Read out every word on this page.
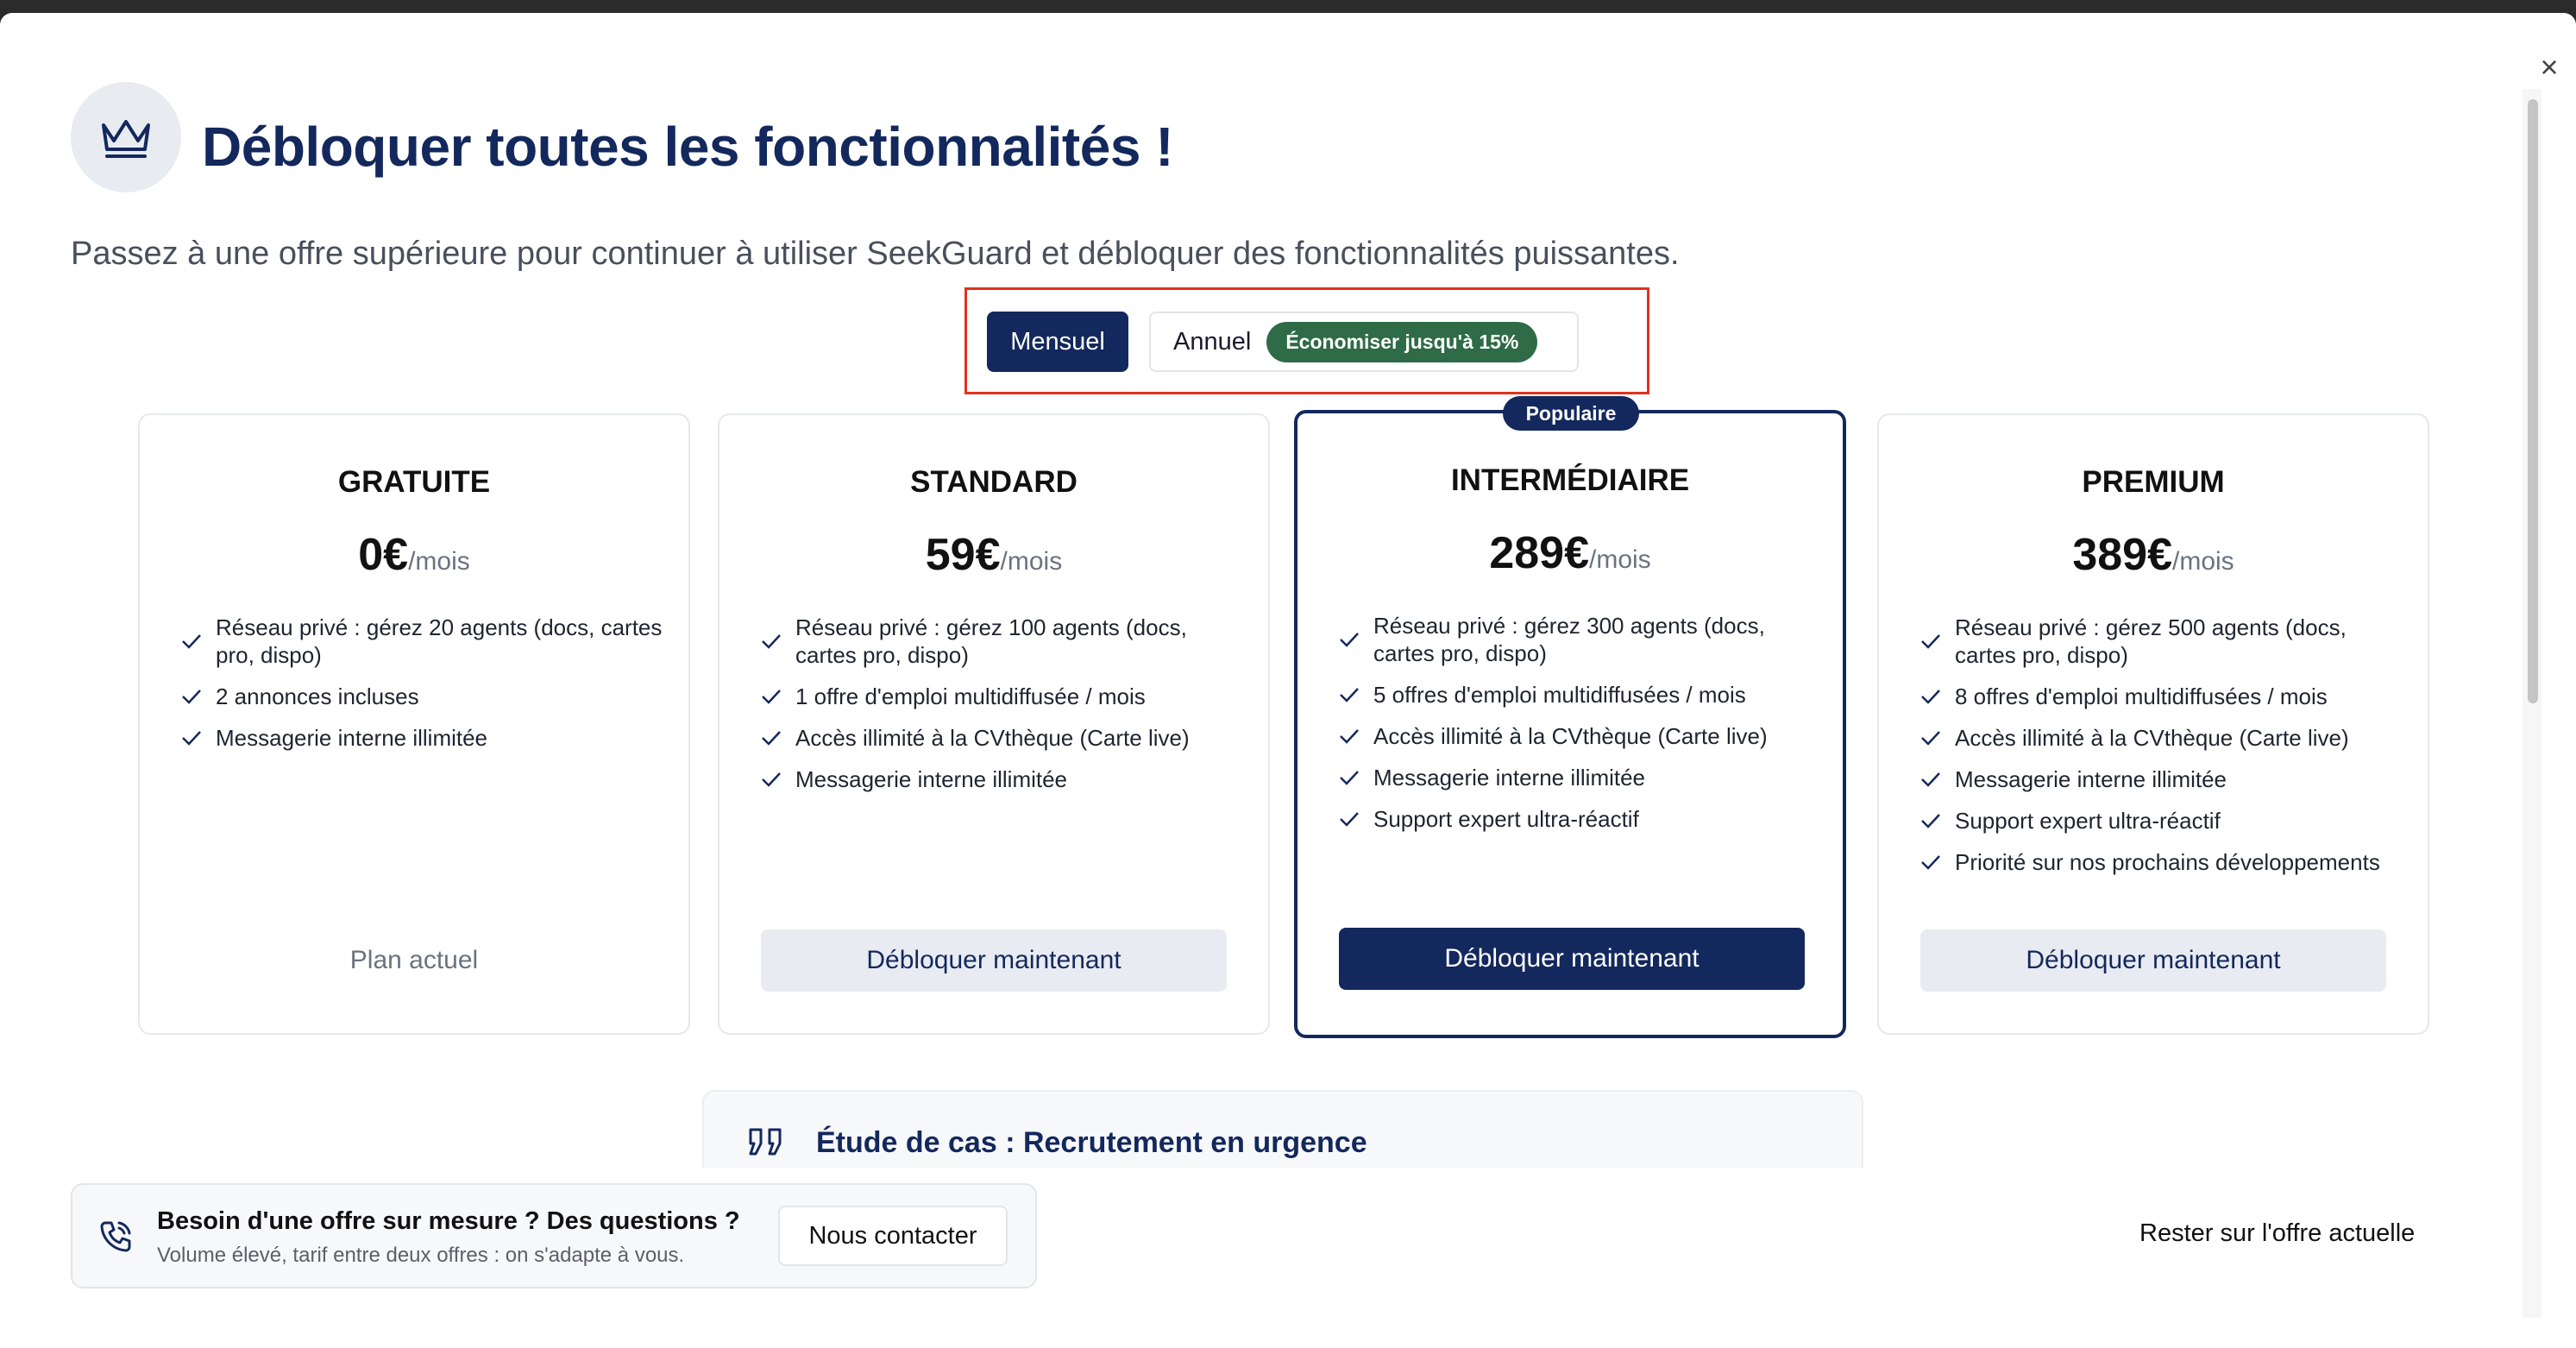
×
Débloquer toutes les fonctionnalités !
Passez à une offre supérieure pour continuer à utiliser SeekGuard et débloquer des fonctionnalités puissantes.
Mensuel	Annuel	Économiser jusqu'à 15%
GRATUITE
0€/mois
Réseau privé : gérez 20 agents (docs, cartes pro, dispo)
2 annonces incluses
Messagerie interne illimitée
Plan actuel
STANDARD
59€/mois
Réseau privé : gérez 100 agents (docs, cartes pro, dispo)
1 offre d'emploi multidiffusée / mois
Accès illimité à la CVthèque (Carte live)
Messagerie interne illimitée
Débloquer maintenant
INTERMÉDIAIRE
289€/mois
Réseau privé : gérez 300 agents (docs, cartes pro, dispo)
5 offres d'emploi multidiffusées / mois
Accès illimité à la CVthèque (Carte live)
Messagerie interne illimitée
Support expert ultra-réactif
Débloquer maintenant
Populaire
PREMIUM
389€/mois
Réseau privé : gérez 500 agents (docs, cartes pro, dispo)
8 offres d'emploi multidiffusées / mois
Accès illimité à la CVthèque (Carte live)
Messagerie interne illimitée
Support expert ultra-réactif
Priorité sur nos prochains développements
Débloquer maintenant
Étude de cas : Recrutement en urgence
Besoin d'une offre sur mesure ? Des questions ?
Volume élevé, tarif entre deux offres : on s'adapte à vous.
Nous contacter	Rester sur l'offre actuelle
